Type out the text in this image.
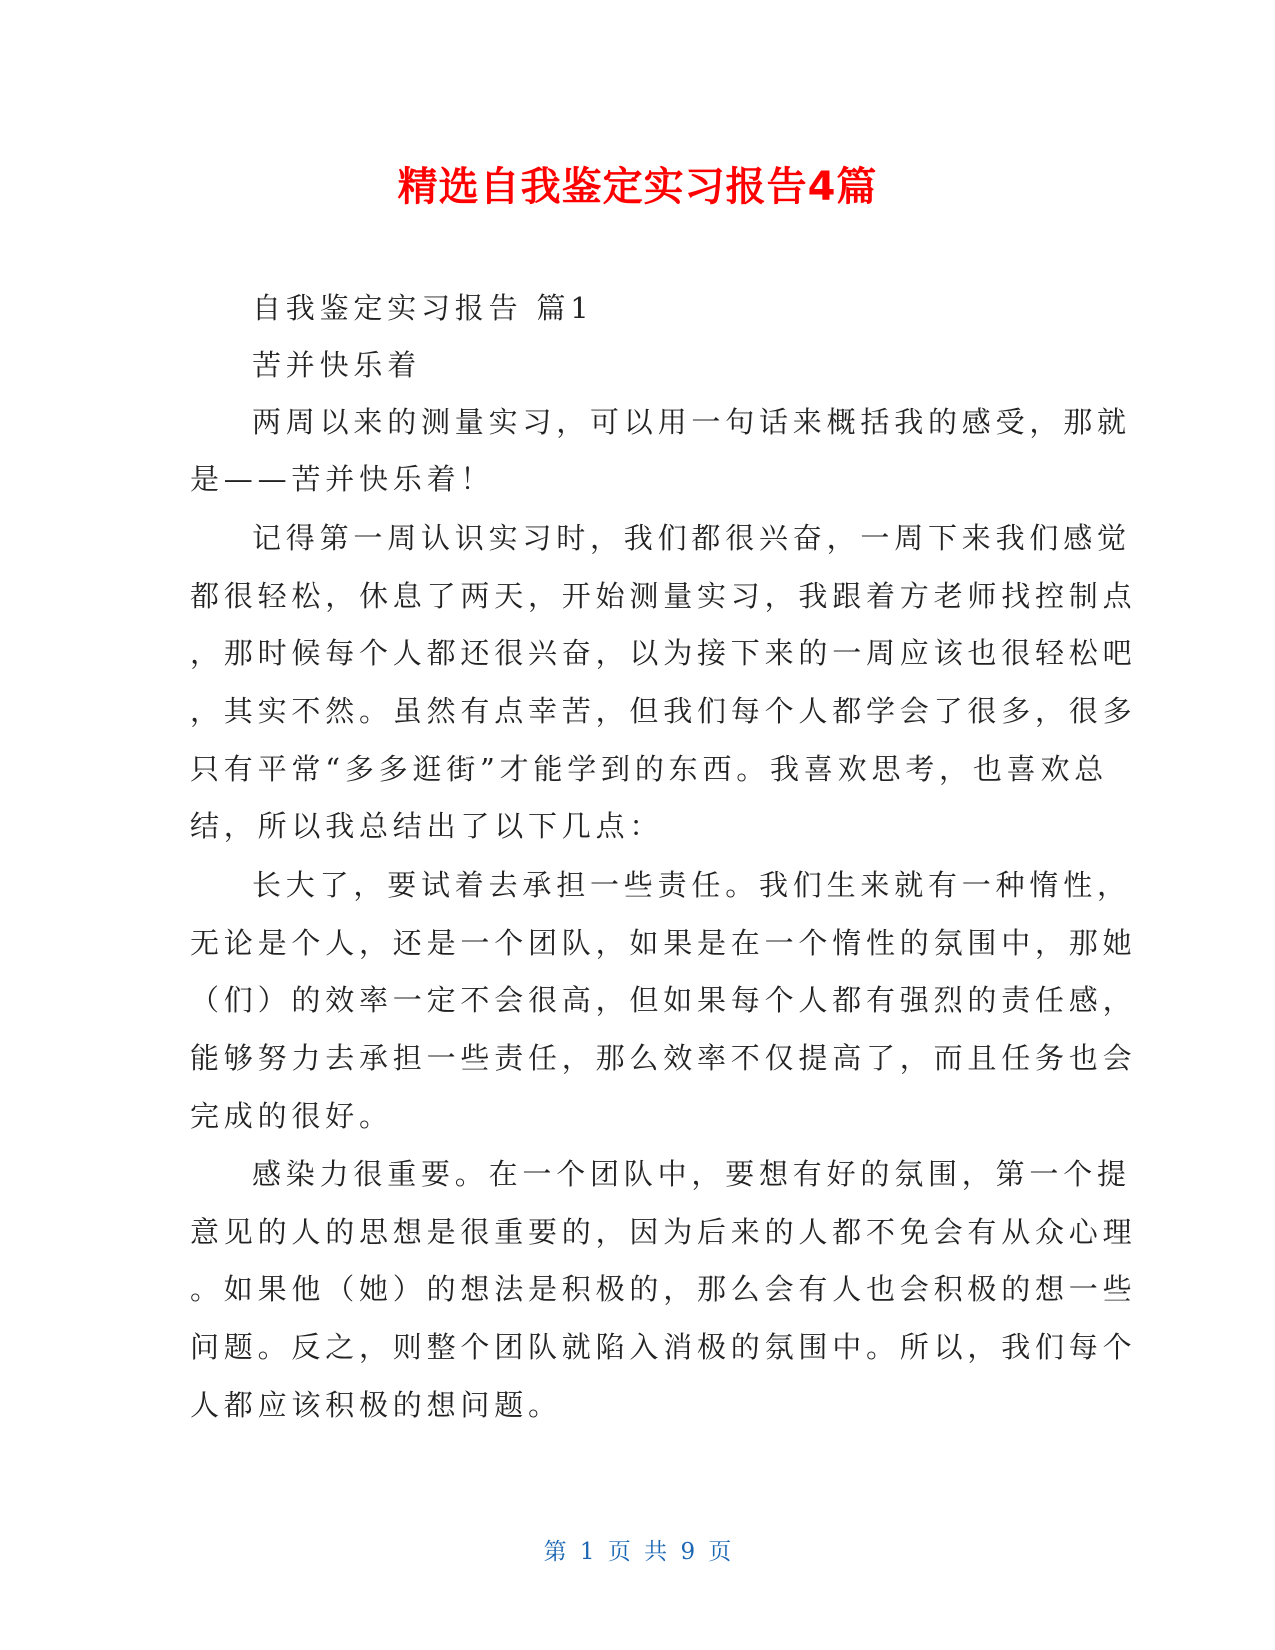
精选自我鉴定实习报告4篇
自我鉴定实习报告 篇1
苦并快乐着
两周以来的测量实习，可以用一句话来概括我的感受，那就
是——苦并快乐着！
记得第一周认识实习时，我们都很兴奋，一周下来我们感觉
都很轻松，休息了两天，开始测量实习，我跟着方老师找控制点
，那时候每个人都还很兴奋，以为接下来的一周应该也很轻松吧
，其实不然。虽然有点幸苦，但我们每个人都学会了很多，很多
只有平常“多多逛街”才能学到的东西。我喜欢思考，也喜欢总
结，所以我总结出了以下几点：
长大了，要试着去承担一些责任。我们生来就有一种惰性，
无论是个人，还是一个团队，如果是在一个惰性的氛围中，那她
（们）的效率一定不会很高，但如果每个人都有强烈的责任感，
能够努力去承担一些责任，那么效率不仅提高了，而且任务也会
完成的很好。
感染力很重要。在一个团队中，要想有好的氛围，第一个提
意见的人的思想是很重要的，因为后来的人都不免会有从众心理
。如果他（她）的想法是积极的，那么会有人也会积极的想一些
问题。反之，则整个团队就陷入消极的氛围中。所以，我们每个
人都应该积极的想问题。
第 1 页 共 9 页
